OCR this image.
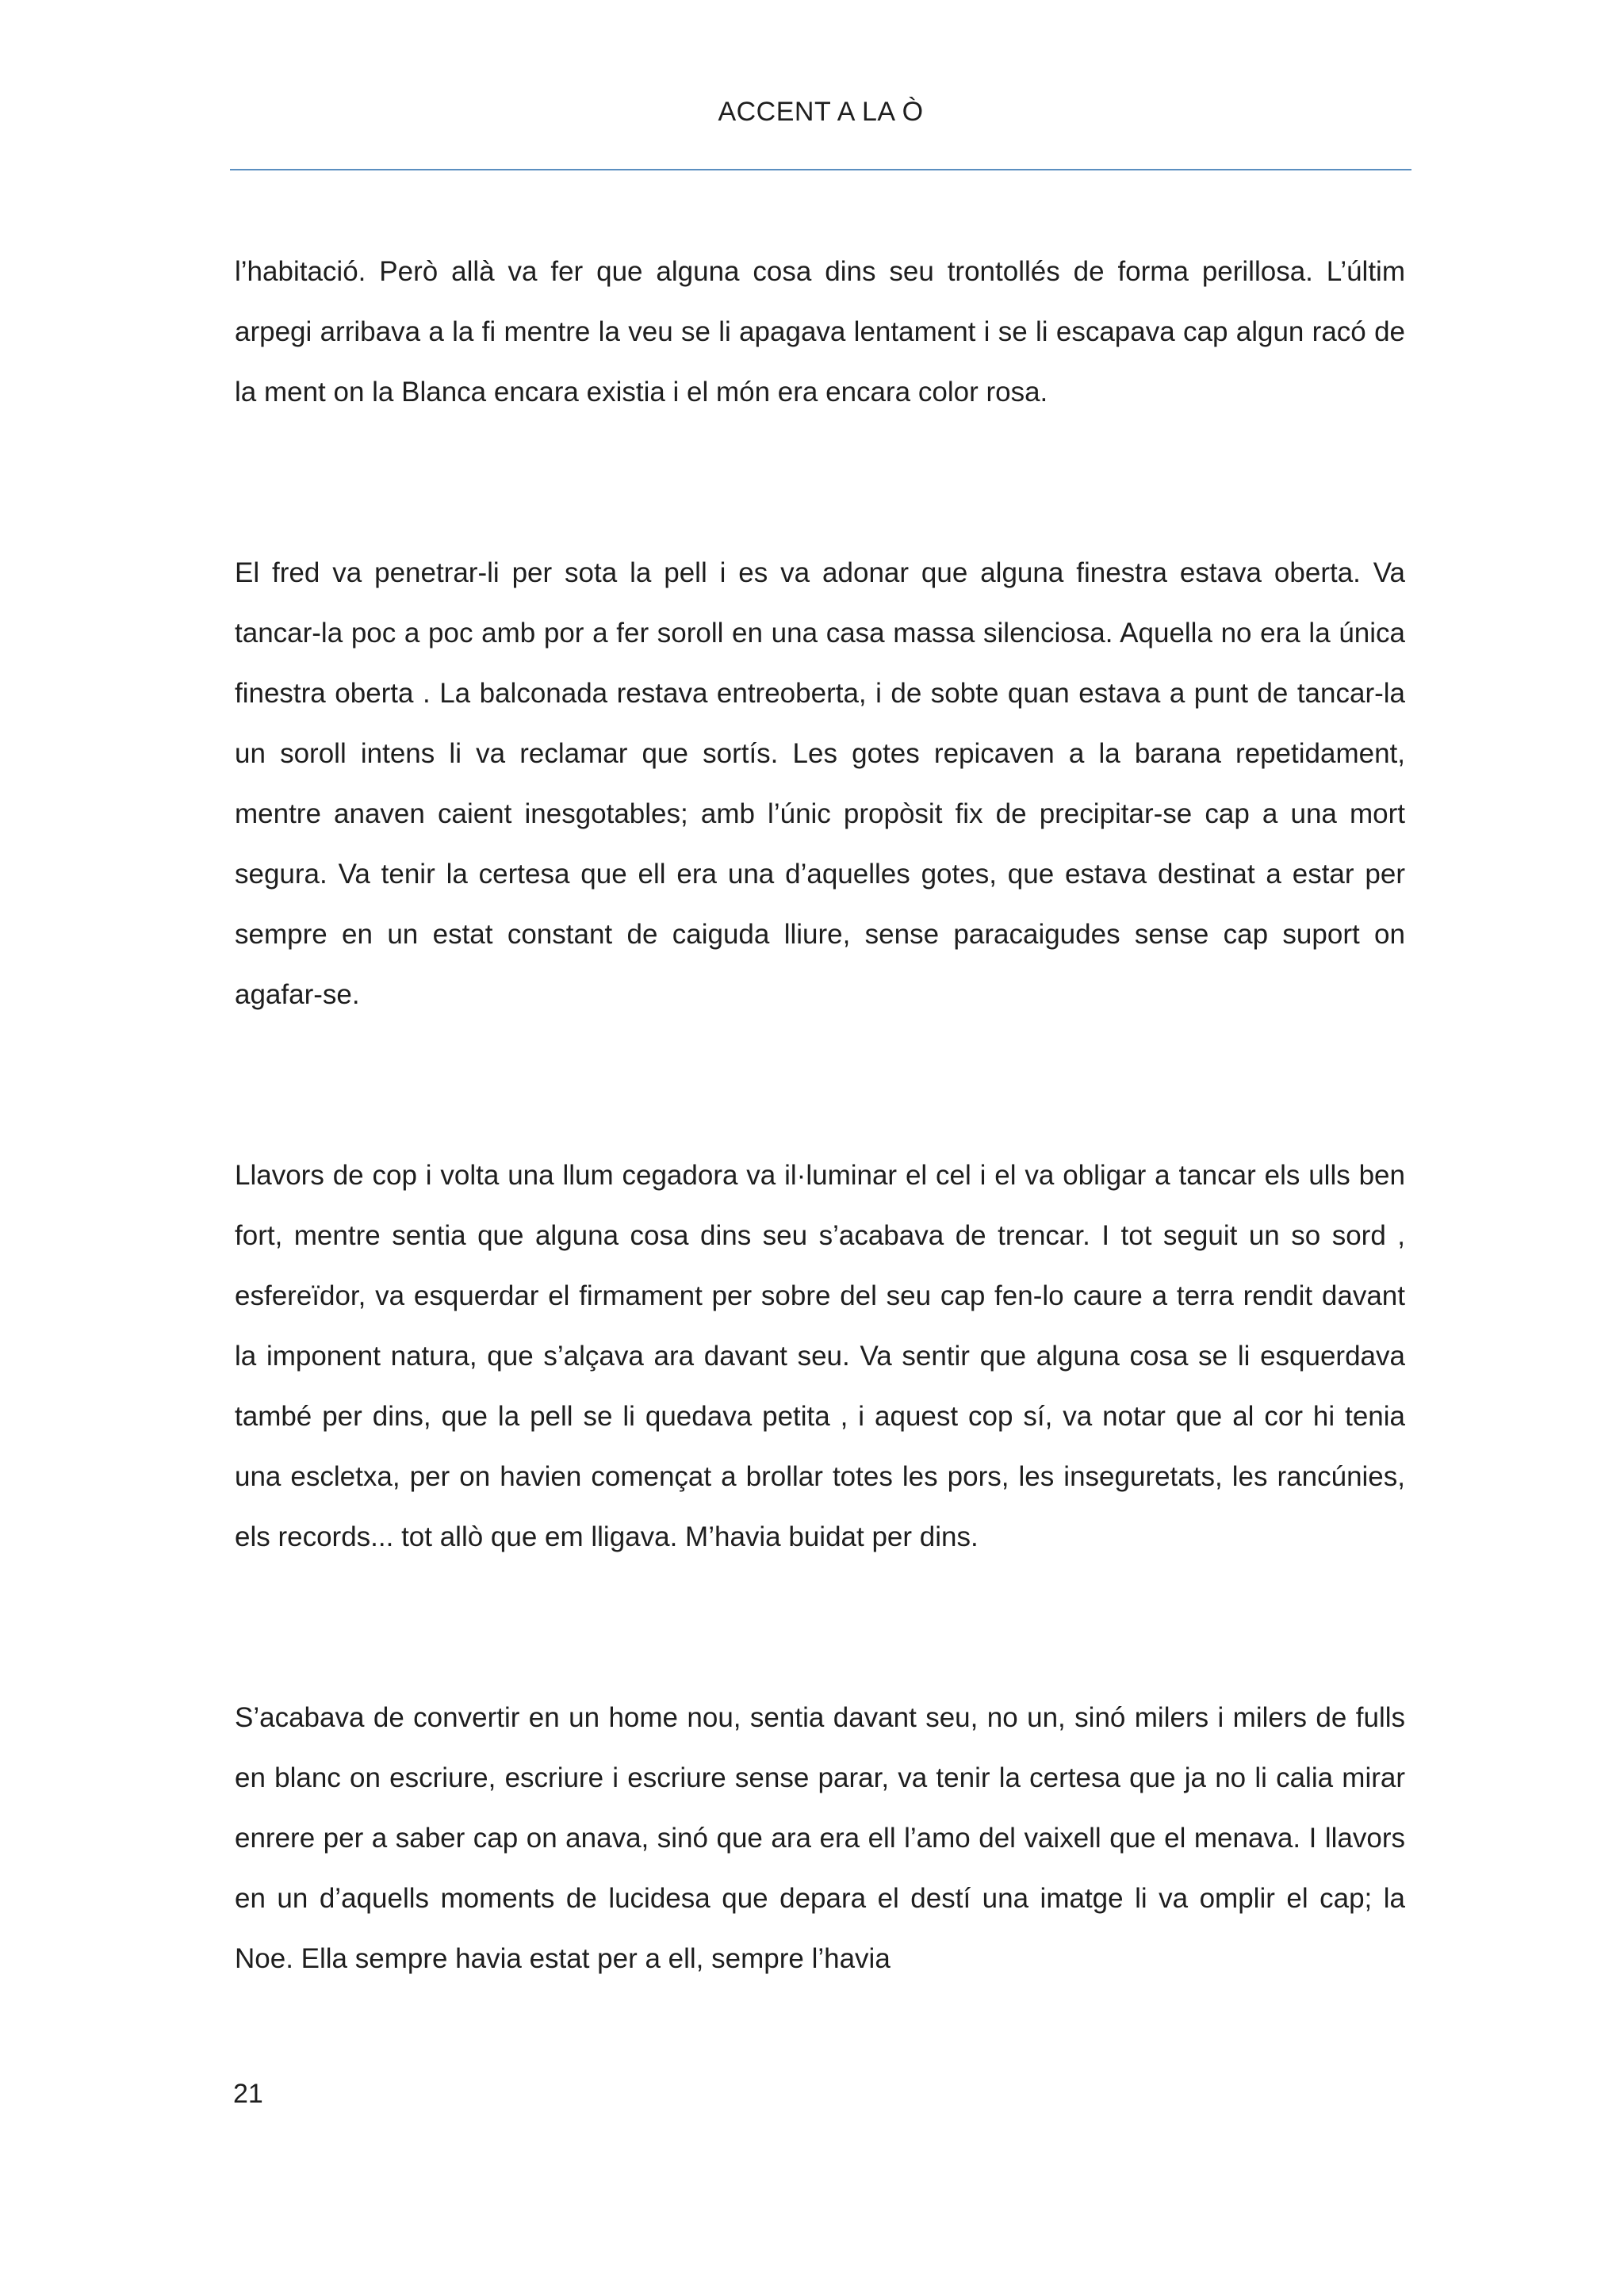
ACCENT A LA Ò

l’habitació. Però allà va fer que alguna cosa dins seu trontollés de forma perillosa. L’últim arpegi arribava a la fi mentre la veu se li apagava lentament i se li escapava cap algun racó de la ment on la Blanca encara existia i el món era encara color rosa.

El fred va penetrar-li per sota la pell i es va adonar que alguna finestra estava oberta. Va tancar-la poc a poc amb por a fer soroll en una casa massa silenciosa. Aquella no era la única finestra oberta . La balconada restava entreoberta, i de sobte quan estava a punt de tancar-la un soroll intens li va reclamar que sortís. Les gotes repicaven a la barana repetidament, mentre anaven caient inesgotables; amb l’únic propòsit fix de precipitar-se cap a una mort segura. Va tenir la certesa que ell era una d’aquelles gotes, que estava destinat a estar per sempre en un estat constant de caiguda lliure, sense paracaigudes sense cap suport on agafar-se.

Llavors de cop i volta una llum cegadora va il·luminar el cel i el va obligar a tancar els ulls ben fort, mentre sentia que alguna cosa dins seu s’acabava de trencar. I tot seguit un so sord , esfereïdor, va esquerdar el firmament per sobre del seu cap fen-lo caure a terra rendit davant la imponent natura, que s’alçava ara davant seu. Va sentir que alguna cosa se li esquerdava també per dins, que la pell se li quedava petita , i aquest cop sí, va notar que al cor hi tenia una escletxa, per on havien començat a brollar totes les pors, les inseguretats, les rancúnies, els records... tot allò que em lligava. M’havia buidat per dins.

S’acabava de convertir en un home nou, sentia davant seu, no un, sinó milers i milers de fulls en blanc on escriure, escriure i escriure sense parar, va tenir la certesa que ja no li calia mirar enrere per a saber cap on anava, sinó que ara era ell l’amo del vaixell que el menava. I llavors en un d’aquells moments de lucidesa que depara el destí una imatge li va omplir el cap; la Noe. Ella sempre havia estat per a ell, sempre l’havia

21
